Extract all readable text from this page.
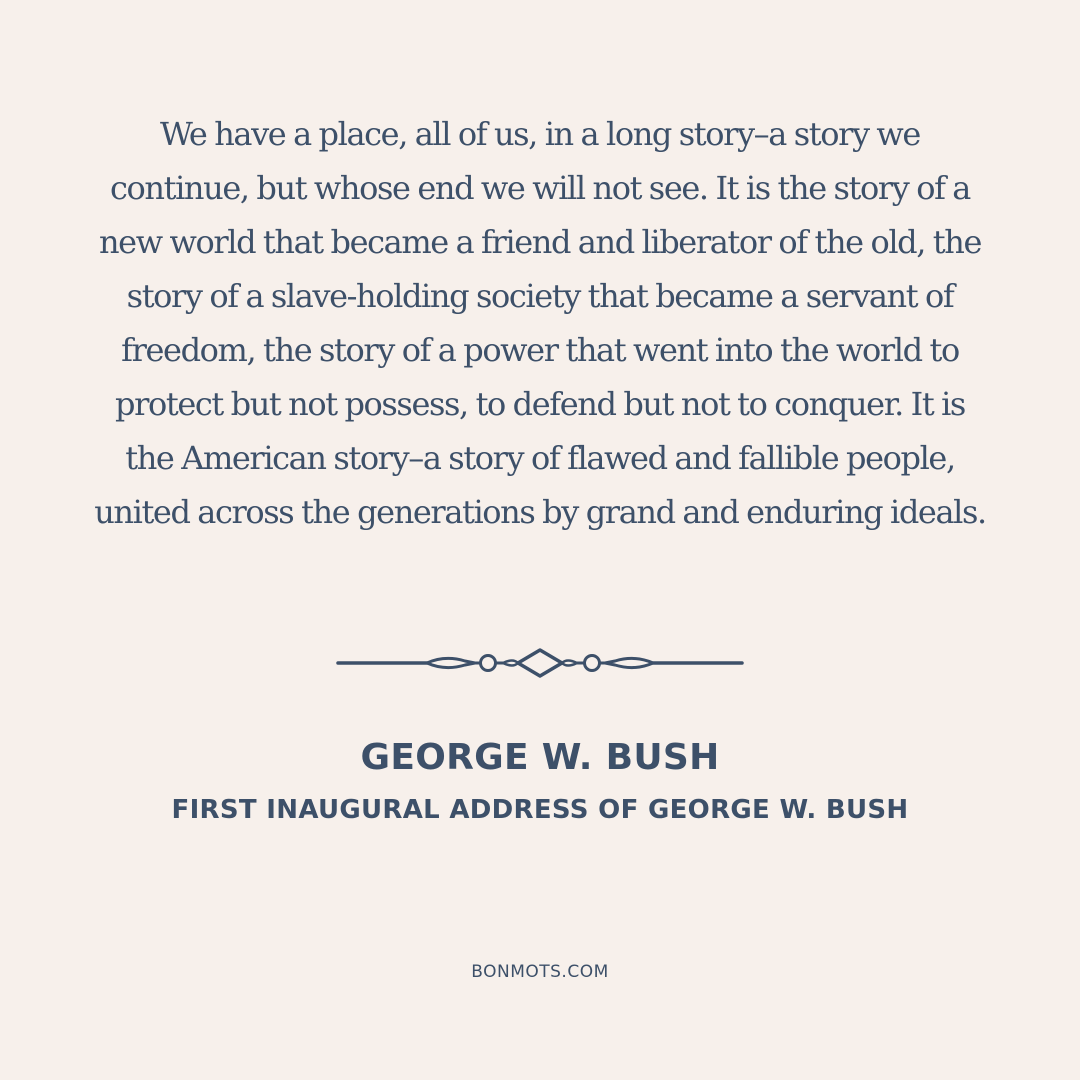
We have a place, all of us, in a long story–a story we continue, but whose end we will not see. It is the story of a new world that became a friend and liberator of the old, the story of a slave-holding society that became a servant of freedom, the story of a power that went into the world to protect but not possess, to defend but not to conquer. It is the American story–a story of flawed and fallible people, united across the generations by grand and enduring ideals.

GEORGE W. BUSH
FIRST INAUGURAL ADDRESS OF GEORGE W. BUSH
BONMOTS.COM
